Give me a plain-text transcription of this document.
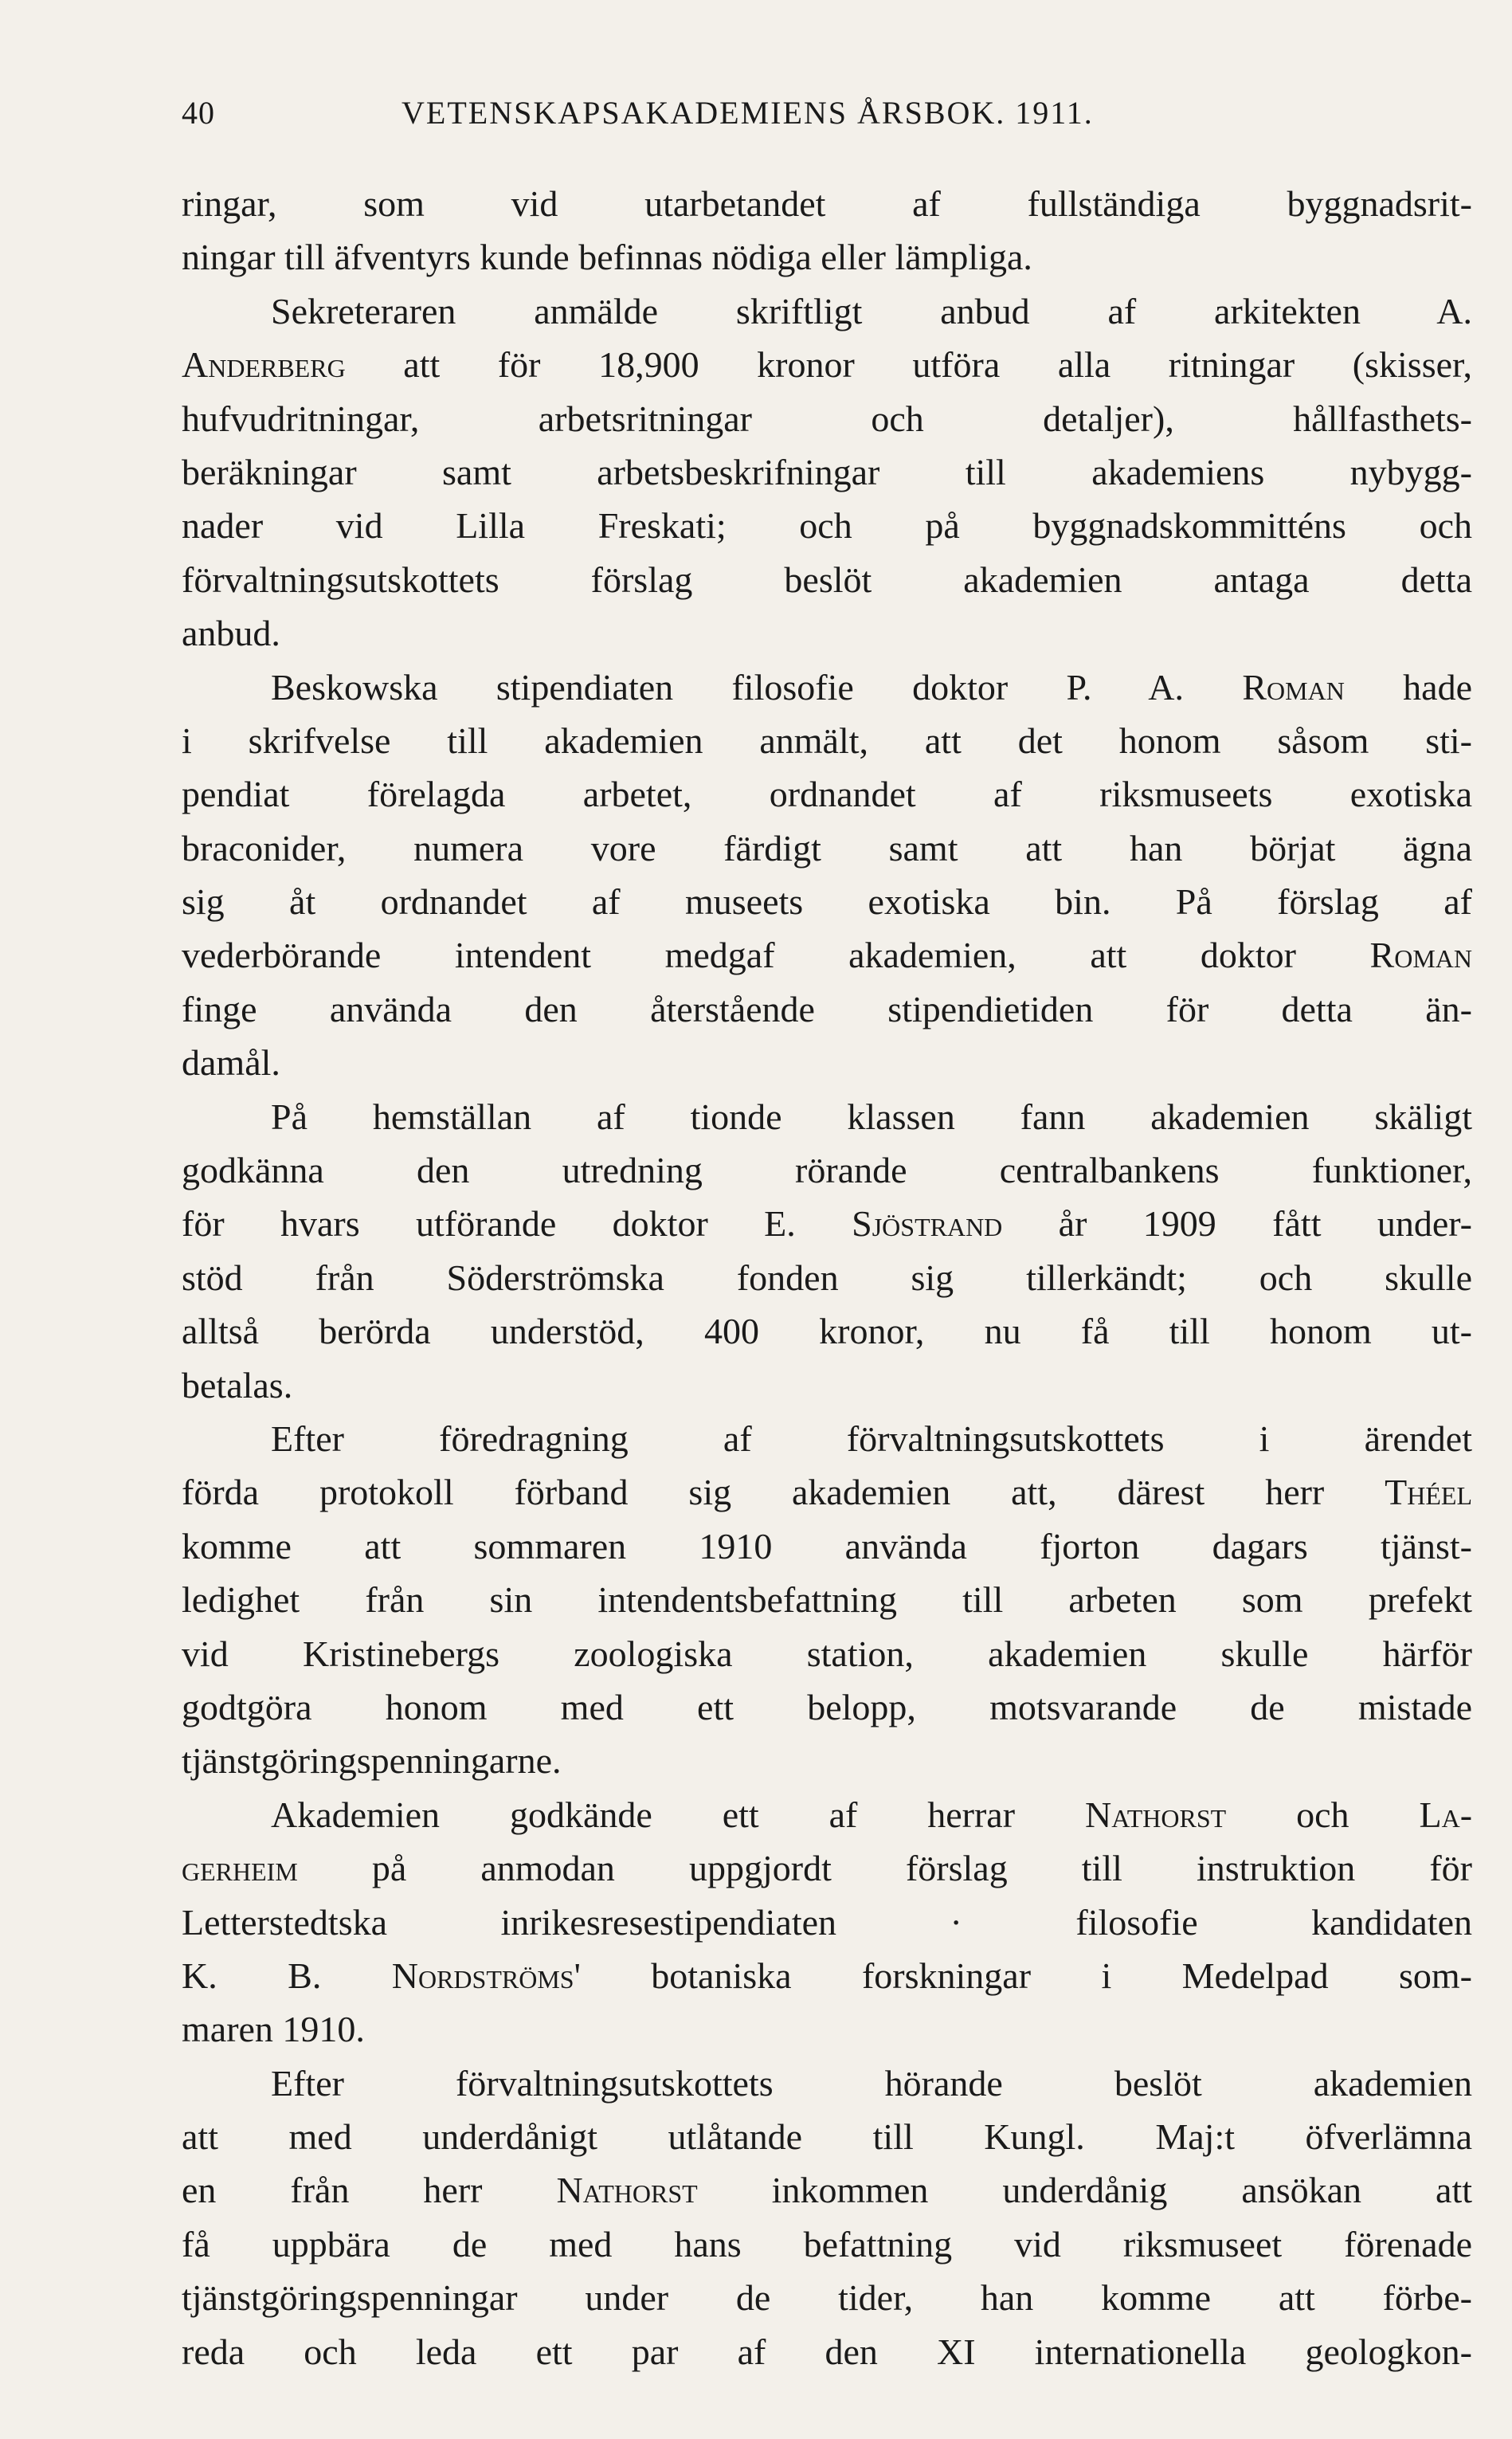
40	VETENSKAPSAKADEMIENS ÅRSBOK. 1911.
ringar, som vid utarbetandet af fullständiga byggnadsrit-
ningar till äfventyrs kunde befinnas nödiga eller lämpliga.
Sekreteraren anmälde skriftligt anbud af arkitekten A.
Anderberg att för 18,900 kronor utföra alla ritningar (skisser,
hufvudritningar, arbetsritningar och detaljer), hållfasthets-
beräkningar samt arbetsbeskrifningar till akademiens nybygg-
nader vid Lilla Freskati; och på byggnadskommitténs och
förvaltningsutskottets förslag beslöt akademien antaga detta
anbud.
Beskowska stipendiaten filosofie doktor P. A. Roman hade
i skrifvelse till akademien anmält, att det honom såsom sti-
pendiat förelagda arbetet, ordnandet af riksmuseets exotiska
braconider, numera vore färdigt samt att han börjat ägna
sig åt ordnandet af museets exotiska bin. På förslag af
vederbörande intendent medgaf akademien, att doktor Roman
finge använda den återstående stipendietiden för detta än-
damål.
På hemställan af tionde klassen fann akademien skäligt
godkänna den utredning rörande centralbankens funktioner,
för hvars utförande doktor E. Sjöstrand år 1909 fått under-
stöd från Söderströmska fonden sig tillerkändt; och skulle
alltså berörda understöd, 400 kronor, nu få till honom ut-
betalas.
Efter föredragning af förvaltningsutskottets i ärendet
förda protokoll förband sig akademien att, därest herr Théel
komme att sommaren 1910 använda fjorton dagars tjänst-
ledighet från sin intendentsbefattning till arbeten som prefekt
vid Kristinebergs zoologiska station, akademien skulle härför
godtgöra honom med ett belopp, motsvarande de mistade
tjänstgöringspenningarne.
Akademien godkände ett af herrar Nathorst och La-
gerheim på anmodan uppgjordt förslag till instruktion för
Letterstedtska inrikesresestipendiaten · filosofie kandidaten
K. B. Nordströms' botaniska forskningar i Medelpad som-
maren 1910.
Efter förvaltningsutskottets hörande beslöt akademien
att med underdånigt utlåtande till Kungl. Maj:t öfverlämna
en från herr Nathorst inkommen underdånig ansökan att
få uppbära de med hans befattning vid riksmuseet förenade
tjänstgöringspenningar under de tider, han komme att förbe-
reda och leda ett par af den XI internationella geologkon-
